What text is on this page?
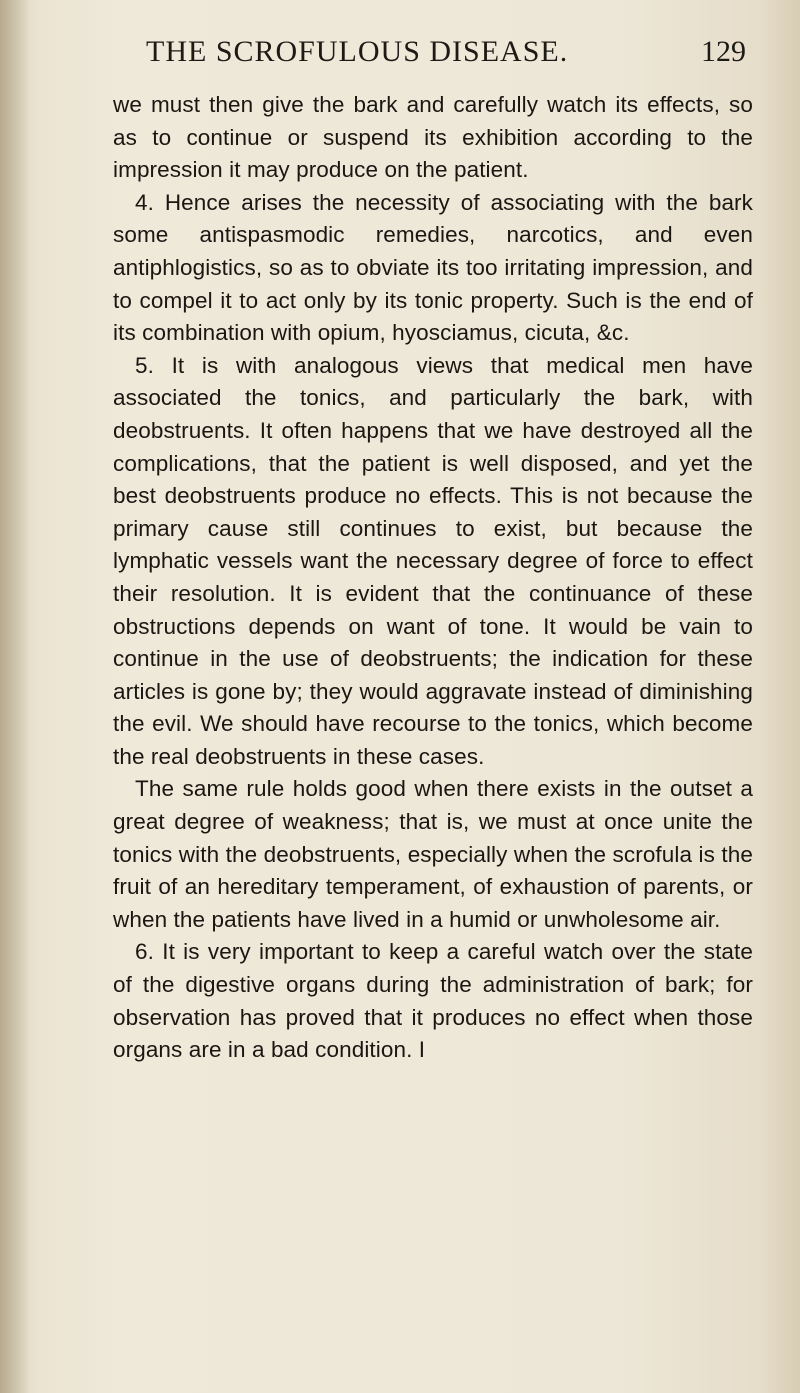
THE SCROFULOUS DISEASE.	129

we must then give the bark and carefully watch its effects, so as to continue or suspend its exhibition according to the impression it may produce on the patient.

4. Hence arises the necessity of associating with the bark some antispasmodic remedies, narcotics, and even antiphlogistics, so as to obviate its too irritating impression, and to compel it to act only by its tonic property. Such is the end of its combination with opium, hyosciamus, cicuta, &c.

5. It is with analogous views that medical men have associated the tonics, and particularly the bark, with deobstruents. It often happens that we have destroyed all the complications, that the patient is well disposed, and yet the best deobstruents produce no effects. This is not because the primary cause still continues to exist, but because the lymphatic vessels want the necessary degree of force to effect their resolution. It is evident that the continuance of these obstructions depends on want of tone. It would be vain to continue in the use of deobstruents; the indication for these articles is gone by; they would aggravate instead of diminishing the evil. We should have recourse to the tonics, which become the real deobstruents in these cases.

The same rule holds good when there exists in the outset a great degree of weakness; that is, we must at once unite the tonics with the deobstruents, especially when the scrofula is the fruit of an hereditary temperament, of exhaustion of parents, or when the patients have lived in a humid or unwholesome air.

6. It is very important to keep a careful watch over the state of the digestive organs during the administration of bark; for observation has proved that it produces no effect when those organs are in a bad condition. I
